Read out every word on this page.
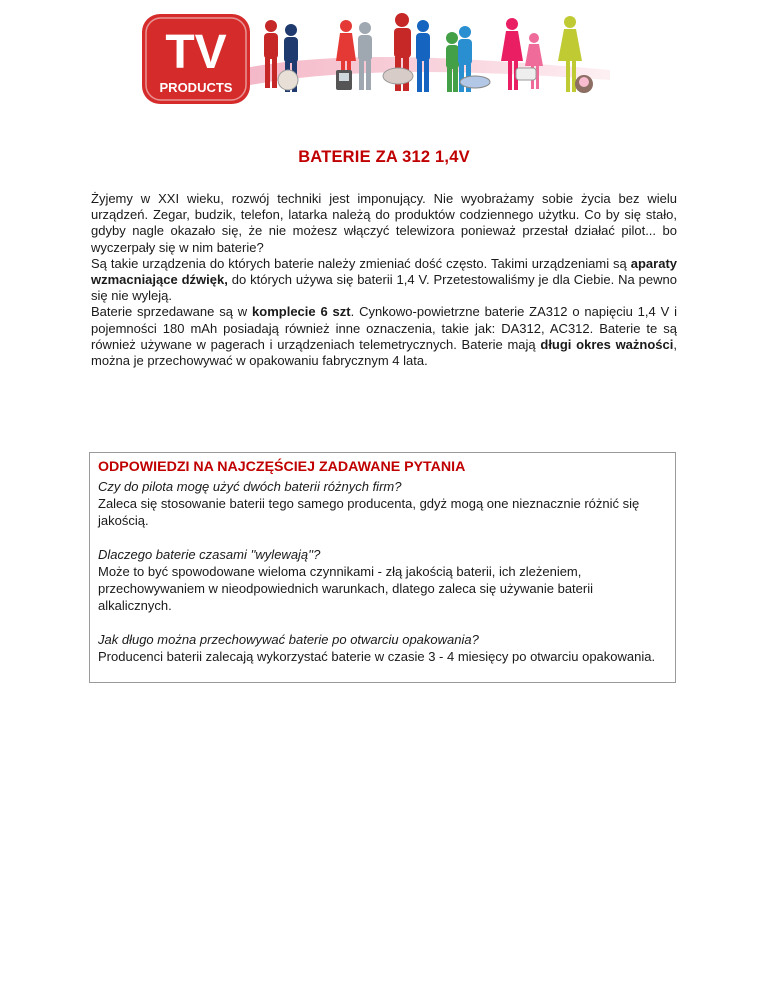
TV
PRODUCTS
BATERIE ZA 312 1,4V

Żyjemy w XXI wieku, rozwój techniki jest imponujący. Nie wyobrażamy sobie życia bez wielu urządzeń. Zegar, budzik, telefon, latarka należą do produktów codziennego użytku. Co by się stało, gdyby nagle okazało się, że nie możesz włączyć telewizora ponieważ przestał działać pilot... bo wyczerpały się w nim baterie?

Są takie urządzenia do których baterie należy zmieniać dość często. Takimi urządzeniami są aparaty wzmacniające dźwięk, do których używa się baterii 1,4 V. Przetestowaliśmy je dla Ciebie. Na pewno się nie wyleją.

Baterie sprzedawane są w komplecie 6 szt. Cynkowo-powietrzne baterie ZA312 o napięciu 1,4 V i pojemności 180 mAh posiadają również inne oznaczenia, takie jak: DA312, AC312. Baterie te są również używane w pagerach i urządzeniach telemetrycznych. Baterie mają długi okres ważności, można je przechowywać w opakowaniu fabrycznym 4 lata.

ODPOWIEDZI NA NAJCZĘŚCIEJ ZADAWANE PYTANIA
Czy do pilota mogę użyć dwóch baterii różnych firm?
Zaleca się stosowanie baterii tego samego producenta, gdyż mogą one nieznacznie różnić się jakością.
Dlaczego baterie czasami ''wylewają''?
Może to być spowodowane wieloma czynnikami - złą jakością baterii, ich zleżeniem, przechowywaniem w nieodpowiednich warunkach, dlatego zaleca się używanie baterii alkalicznych.
Jak długo można przechowywać baterie po otwarciu opakowania?
Producenci baterii zalecają wykorzystać baterie w czasie 3 - 4 miesięcy po otwarciu opakowania.
